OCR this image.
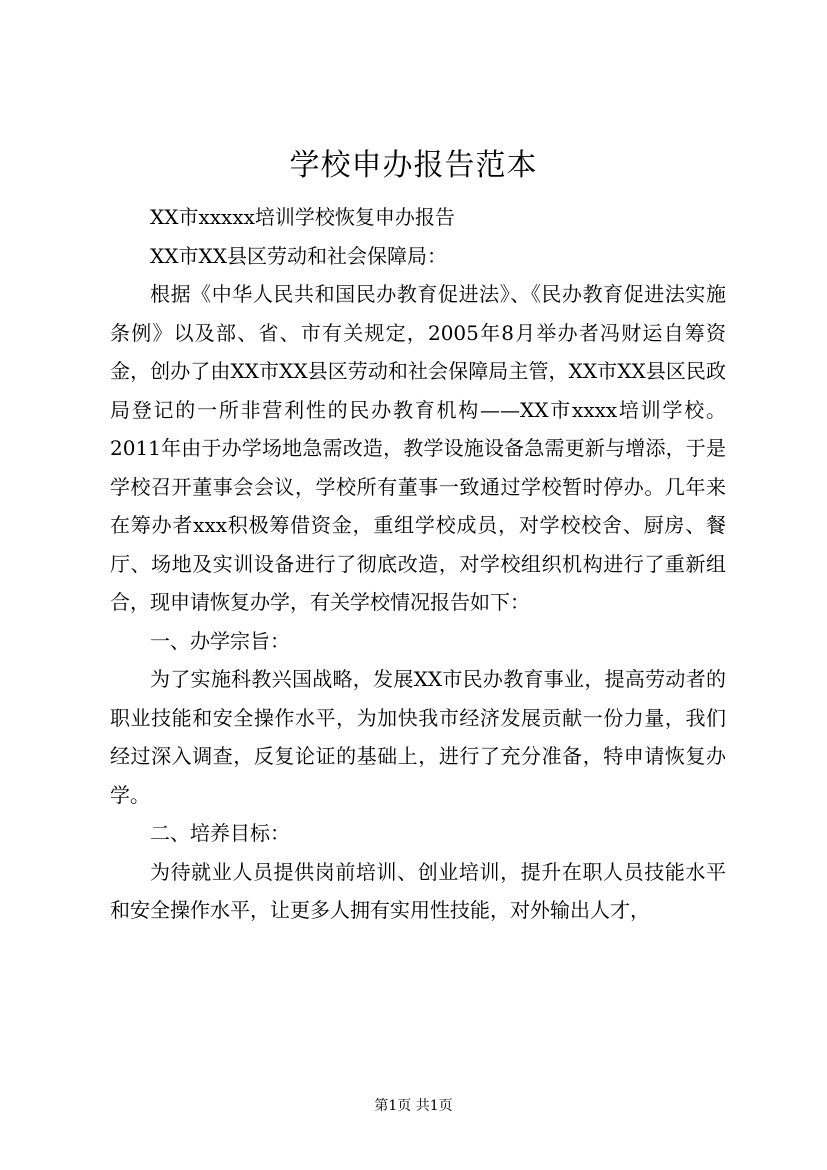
学校申办报告范本

XX市xxxxx培训学校恢复申办报告

XX市XX县区劳动和社会保障局：

根据《中华人民共和国民办教育促进法》、《民办教育促进法实施条例》以及部、省、市有关规定，2005年8月举办者冯财运自筹资金，创办了由XX市XX县区劳动和社会保障局主管，XX市XX县区民政局登记的一所非营利性的民办教育机构——XX市xxxx培训学校。2011年由于办学场地急需改造，教学设施设备急需更新与增添，于是学校召开董事会会议，学校所有董事一致通过学校暂时停办。几年来在筹办者xxx积极筹借资金，重组学校成员，对学校校舍、厨房、餐厅、场地及实训设备进行了彻底改造，对学校组织机构进行了重新组合，现申请恢复办学，有关学校情况报告如下：

一、办学宗旨：

为了实施科教兴国战略，发展XX市民办教育事业，提高劳动者的职业技能和安全操作水平，为加快我市经济发展贡献一份力量，我们经过深入调查，反复论证的基础上，进行了充分准备，特申请恢复办学。

二、培养目标：

为待就业人员提供岗前培训、创业培训，提升在职人员技能水平和安全操作水平，让更多人拥有实用性技能，对外输出人才，

第1页 共1页
